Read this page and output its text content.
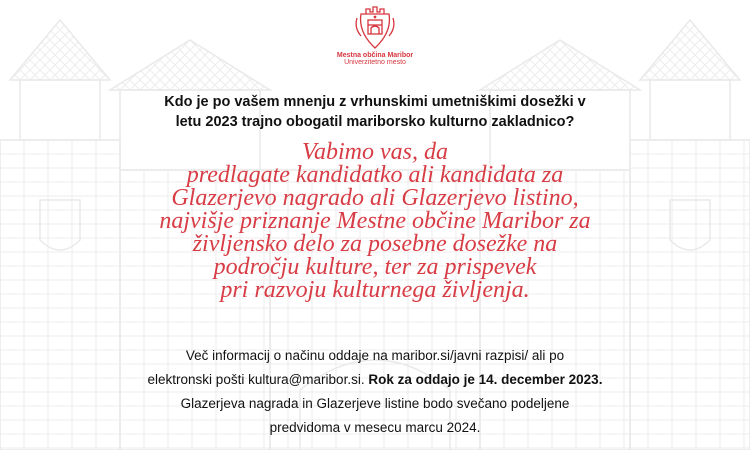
Mestna občina Maribor
Univerzitetno mesto
Kdo je po vašem mnenju z vrhunskimi umetniškimi dosežki v
letu 2023 trajno obogatil mariborsko kulturno zakladnico?
Vabimo vas, da
predlagate kandidatko ali kandidata za
Glazerjevo nagrado ali Glazerjevo listino,
najvišje priznanje Mestne občine Maribor za
življensko delo za posebne dosežke na
področju kulture, ter za prispevek
pri razvoju kulturnega življenja.
Več informacij o načinu oddaje na maribor.si/javni razpisi/ ali po
elektronski pošti kultura@maribor.si. Rok za oddajo je 14. december 2023.
Glazerjeva nagrada in Glazerjeve listine bodo svečano podeljene
predvidoma v mesecu marcu 2024.
